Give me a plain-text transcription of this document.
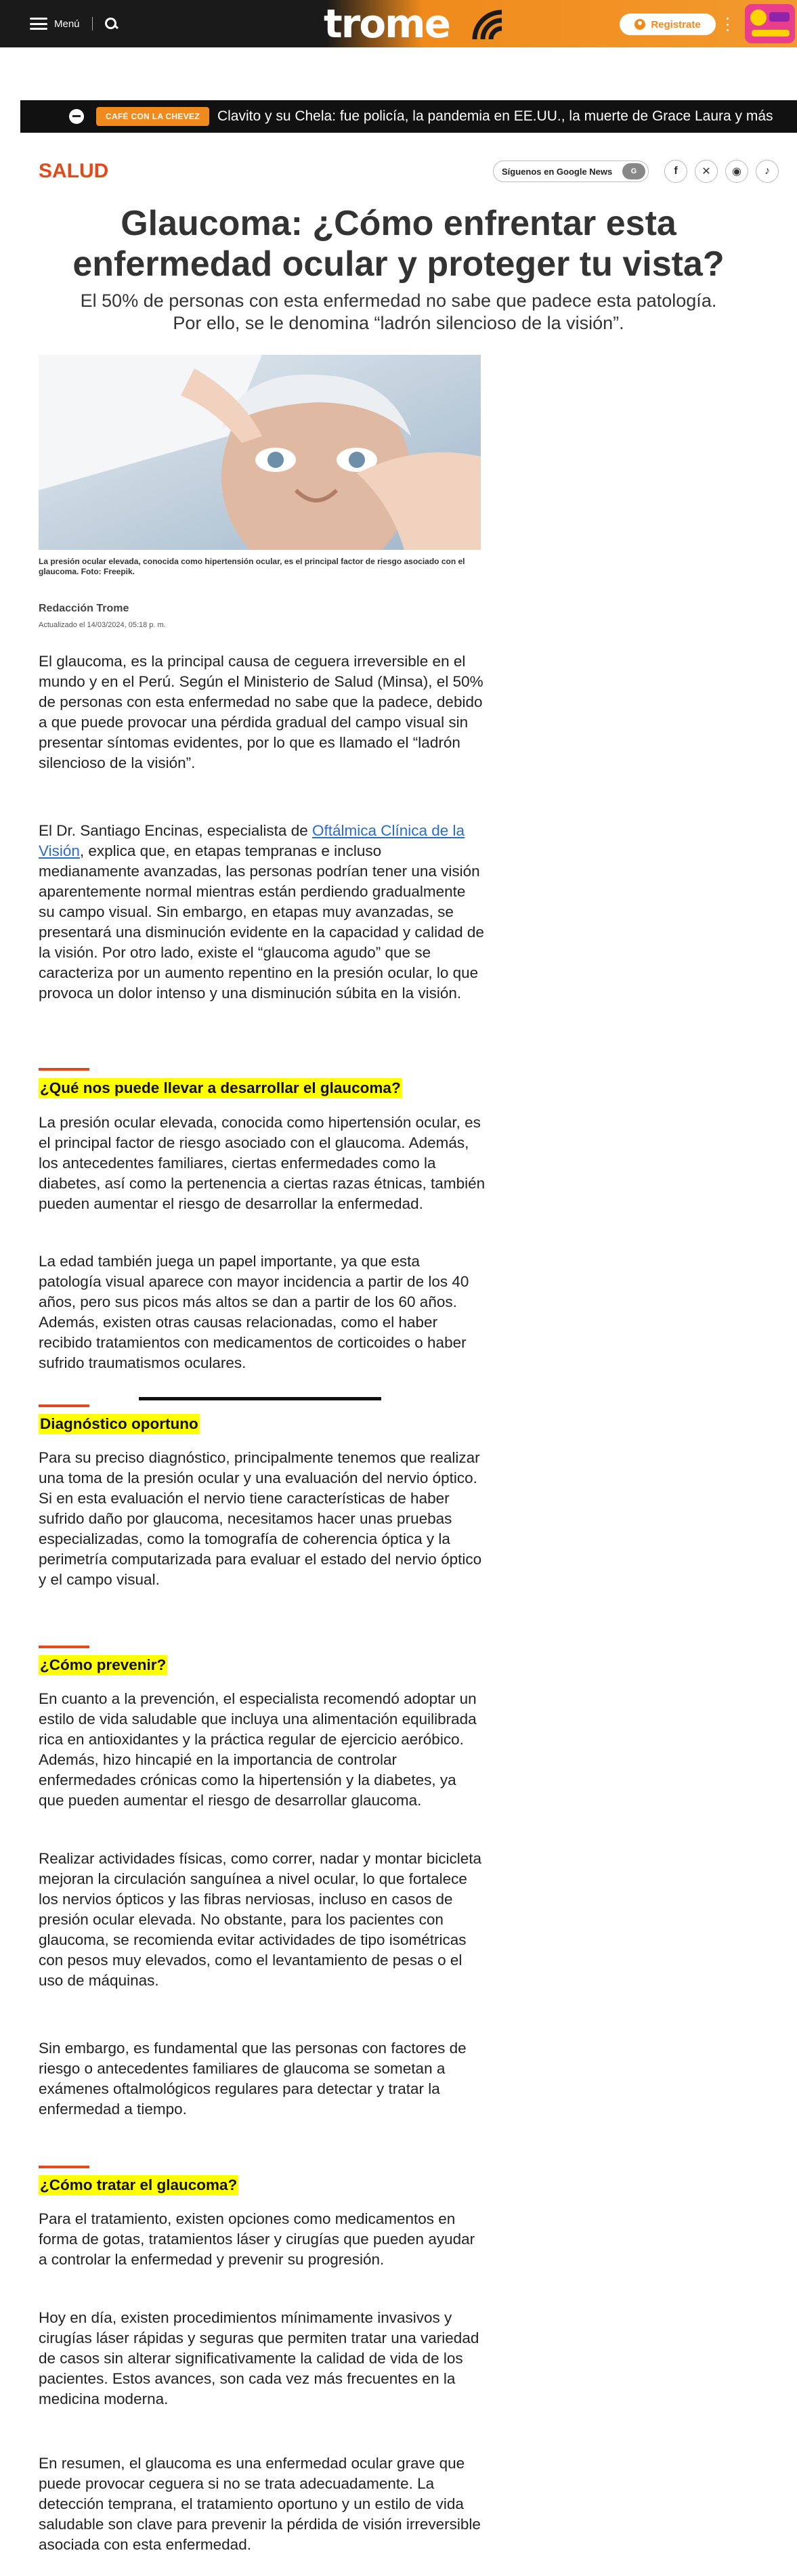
Menú	trome	Registrate
CAFÉ CON LA CHEVEZ	Clavito y su Chela: fue policía, la pandemia en EE.UU., la muerte de Grace Laura y más
SALUD	Síguenos en Google News	G	f	✕	◉	♪
Glaucoma: ¿Cómo enfrentar esta enfermedad ocular y proteger tu vista?
El 50% de personas con esta enfermedad no sabe que padece esta patología. Por ello, se le denomina “ladrón silencioso de la visión”.
La presión ocular elevada, conocida como hipertensión ocular, es el principal factor de riesgo asociado con el glaucoma. Foto: Freepik.
Redacción Trome
Actualizado el 14/03/2024, 05:18 p. m.

El glaucoma, es la principal causa de ceguera irreversible en el mundo y en el Perú. Según el Ministerio de Salud (Minsa), el 50% de personas con esta enfermedad no sabe que la padece, debido a que puede provocar una pérdida gradual del campo visual sin presentar síntomas evidentes, por lo que es llamado el “ladrón silencioso de la visión”.

El Dr. Santiago Encinas, especialista de Oftálmica Clínica de la Visión, explica que, en etapas tempranas e incluso medianamente avanzadas, las personas podrían tener una visión aparentemente normal mientras están perdiendo gradualmente su campo visual. Sin embargo, en etapas muy avanzadas, se presentará una disminución evidente en la capacidad y calidad de la visión. Por otro lado, existe el “glaucoma agudo” que se caracteriza por un aumento repentino en la presión ocular, lo que provoca un dolor intenso y una disminución súbita en la visión.

¿Qué nos puede llevar a desarrollar el glaucoma?

La presión ocular elevada, conocida como hipertensión ocular, es el principal factor de riesgo asociado con el glaucoma. Además, los antecedentes familiares, ciertas enfermedades como la diabetes, así como la pertenencia a ciertas razas étnicas, también pueden aumentar el riesgo de desarrollar la enfermedad.

La edad también juega un papel importante, ya que esta patología visual aparece con mayor incidencia a partir de los 40 años, pero sus picos más altos se dan a partir de los 60 años. Además, existen otras causas relacionadas, como el haber recibido tratamientos con medicamentos de corticoides o haber sufrido traumatismos oculares.

Diagnóstico oportuno

Para su preciso diagnóstico, principalmente tenemos que realizar una toma de la presión ocular y una evaluación del nervio óptico. Si en esta evaluación el nervio tiene características de haber sufrido daño por glaucoma, necesitamos hacer unas pruebas especializadas, como la tomografía de coherencia óptica y la perimetría computarizada para evaluar el estado del nervio óptico y el campo visual.

¿Cómo prevenir?

En cuanto a la prevención, el especialista recomendó adoptar un estilo de vida saludable que incluya una alimentación equilibrada rica en antioxidantes y la práctica regular de ejercicio aeróbico. Además, hizo hincapié en la importancia de controlar enfermedades crónicas como la hipertensión y la diabetes, ya que pueden aumentar el riesgo de desarrollar glaucoma.

Realizar actividades físicas, como correr, nadar y montar bicicleta mejoran la circulación sanguínea a nivel ocular, lo que fortalece los nervios ópticos y las fibras nerviosas, incluso en casos de presión ocular elevada. No obstante, para los pacientes con glaucoma, se recomienda evitar actividades de tipo isométricas con pesos muy elevados, como el levantamiento de pesas o el uso de máquinas.

Sin embargo, es fundamental que las personas con factores de riesgo o antecedentes familiares de glaucoma se sometan a exámenes oftalmológicos regulares para detectar y tratar la enfermedad a tiempo.

¿Cómo tratar el glaucoma?

Para el tratamiento, existen opciones como medicamentos en forma de gotas, tratamientos láser y cirugías que pueden ayudar a controlar la enfermedad y prevenir su progresión.

Hoy en día, existen procedimientos mínimamente invasivos y cirugías láser rápidas y seguras que permiten tratar una variedad de casos sin alterar significativamente la calidad de vida de los pacientes. Estos avances, son cada vez más frecuentes en la medicina moderna.

En resumen, el glaucoma es una enfermedad ocular grave que puede provocar ceguera si no se trata adecuadamente. La detección temprana, el tratamiento oportuno y un estilo de vida saludable son clave para prevenir la pérdida de visión irreversible asociada con esta enfermedad.
